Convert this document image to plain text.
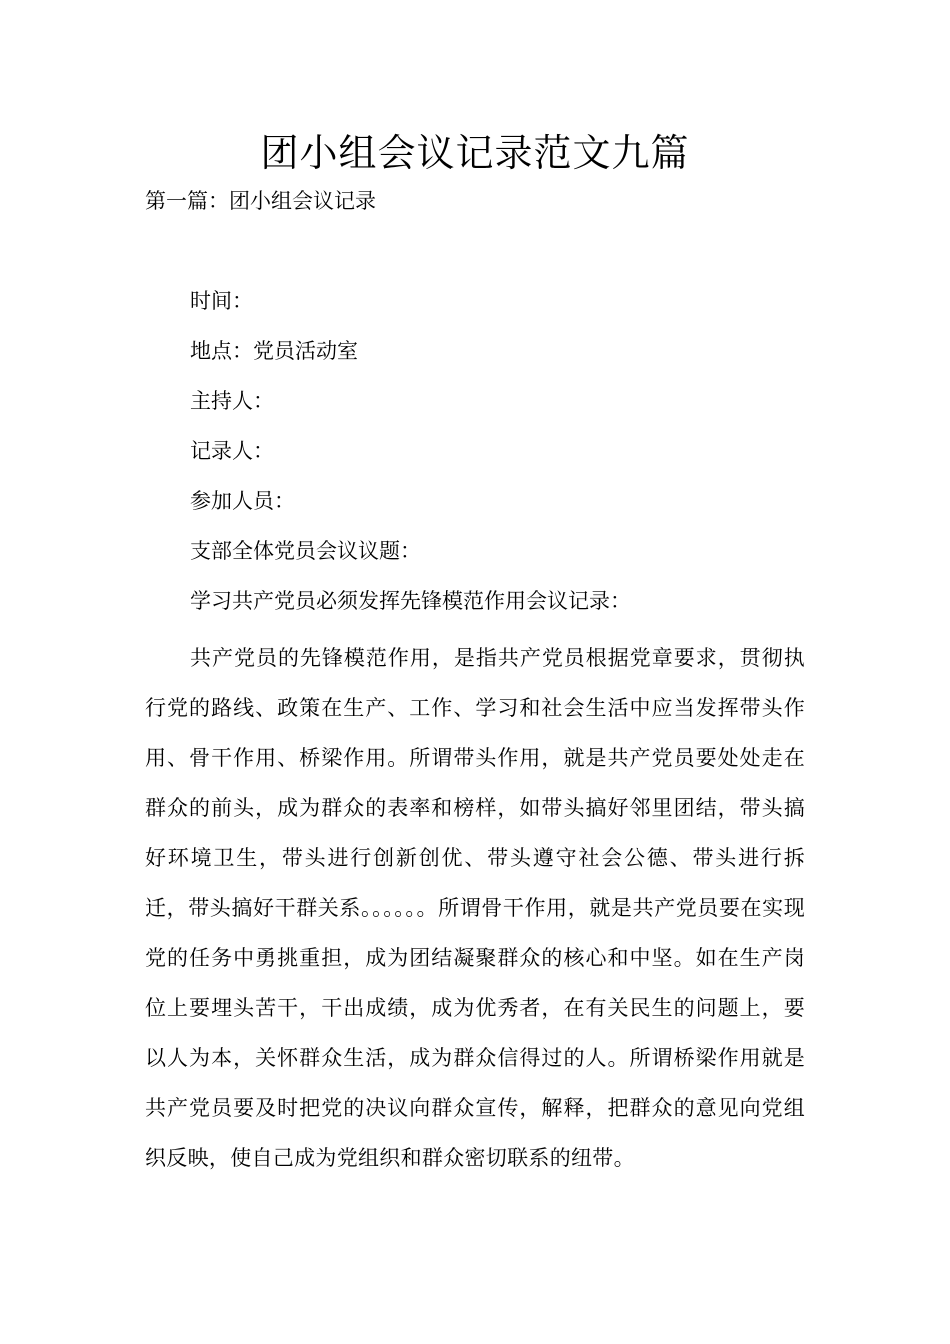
团小组会议记录范文九篇

第一篇：团小组会议记录

时间：
地点：党员活动室
主持人：
记录人：
参加人员：
支部全体党员会议议题：
学习共产党员必须发挥先锋模范作用会议记录：

共产党员的先锋模范作用，是指共产党员根据党章要求，贯彻执行党的路线、政策在生产、工作、学习和社会生活中应当发挥带头作用、骨干作用、桥梁作用。所谓带头作用，就是共产党员要处处走在群众的前头，成为群众的表率和榜样，如带头搞好邻里团结，带头搞好环境卫生，带头进行创新创优、带头遵守社会公德、带头进行拆迁，带头搞好干群关系。。。。。。所谓骨干作用，就是共产党员要在实现党的任务中勇挑重担，成为团结凝聚群众的核心和中坚。如在生产岗位上要埋头苦干，干出成绩，成为优秀者，在有关民生的问题上，要以人为本，关怀群众生活，成为群众信得过的人。所谓桥梁作用就是共产党员要及时把党的决议向群众宣传，解释，把群众的意见向党组织反映，使自己成为党组织和群众密切联系的纽带。
